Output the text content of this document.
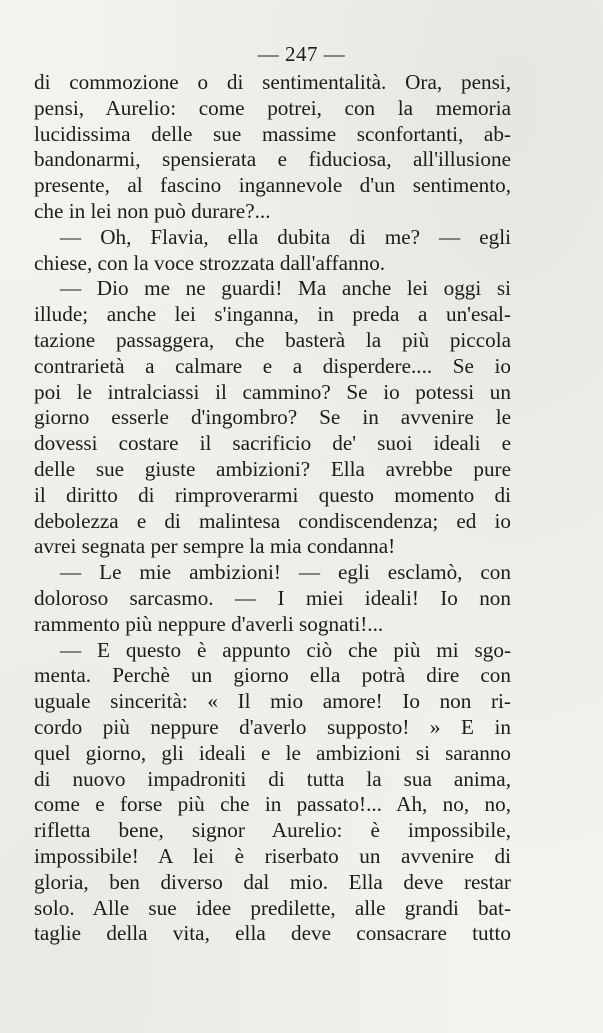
— 247 —
di commozione o di sentimentalità. Ora, pensi,
pensi, Aurelio: come potrei, con la memoria
lucidissima delle sue massime sconfortanti, ab-
bandonarmi, spensierata e fiduciosa, all'illusione
presente, al fascino ingannevole d'un sentimento,
che in lei non può durare?...
— Oh, Flavia, ella dubita di me? — egli
chiese, con la voce strozzata dall'affanno.
— Dio me ne guardi! Ma anche lei oggi si
illude; anche lei s'inganna, in preda a un'esal-
tazione passaggera, che basterà la più piccola
contrarietà a calmare e a disperdere.... Se io
poi le intralciassi il cammino? Se io potessi un
giorno esserle d'ingombro? Se in avvenire le
dovessi costare il sacrificio de' suoi ideali e
delle sue giuste ambizioni? Ella avrebbe pure
il diritto di rimproverarmi questo momento di
debolezza e di malintesa condiscendenza; ed io
avrei segnata per sempre la mia condanna!
— Le mie ambizioni! — egli esclamò, con
doloroso sarcasmo. — I miei ideali! Io non
rammento più neppure d'averli sognati!...
— E questo è appunto ciò che più mi sgo-
menta. Perchè un giorno ella potrà dire con
uguale sincerità: « Il mio amore! Io non ri-
cordo più neppure d'averlo supposto! » E in
quel giorno, gli ideali e le ambizioni si saranno
di nuovo impadroniti di tutta la sua anima,
come e forse più che in passato!... Ah, no, no,
rifletta bene, signor Aurelio: è impossibile,
impossibile! A lei è riserbato un avvenire di
gloria, ben diverso dal mio. Ella deve restar
solo. Alle sue idee predilette, alle grandi bat-
taglie della vita, ella deve consacrare tutto
